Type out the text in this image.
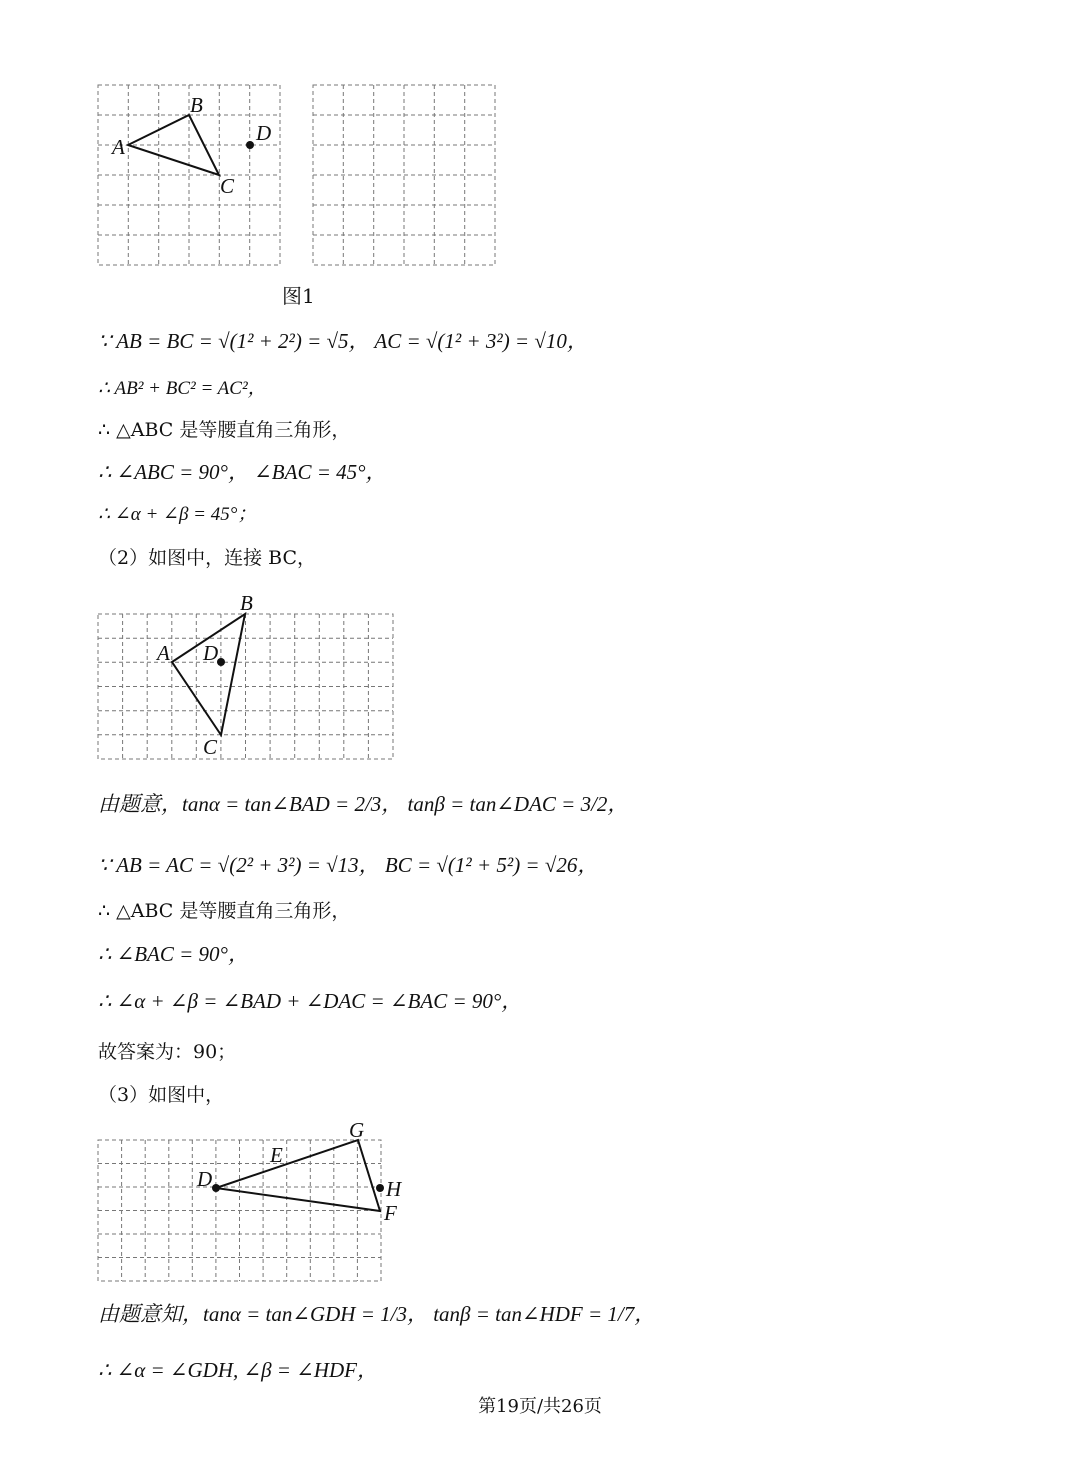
A
B
C
D
图1
∵ AB = BC = √(1² + 2²) = √5， AC = √(1² + 3²) = √10，
∴ AB² + BC² = AC²，
∴ △ABC 是等腰直角三角形，
∴ ∠ABC = 90°， ∠BAC = 45°，
∴ ∠α + ∠β = 45°；
（2）如图中，连接 BC，
A
B
C
D
由题意，tanα = tan∠BAD = 2/3， tanβ = tan∠DAC = 3/2，
∵ AB = AC = √(2² + 3²) = √13， BC = √(1² + 5²) = √26，
∴ △ABC 是等腰直角三角形，
∴ ∠BAC = 90°，
∴ ∠α + ∠β = ∠BAD + ∠DAC = ∠BAC = 90°，
故答案为：90；
（3）如图中，
D
E
G
H
F
由题意知，tanα = tan∠GDH = 1/3， tanβ = tan∠HDF = 1/7，
∴ ∠α = ∠GDH, ∠β = ∠HDF，
第19页/共26页
